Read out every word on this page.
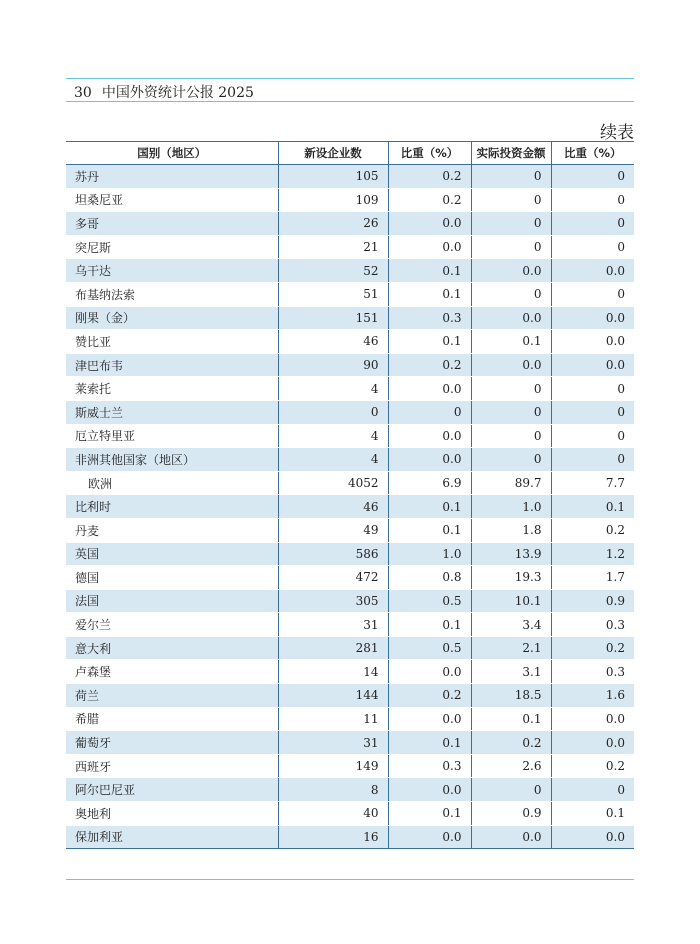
30 中国外资统计公报 2025
续表
国别（地区）	新设企业数	比重（%）	实际投资金额	比重（%）
苏丹	105	0.2	0	0
坦桑尼亚	109	0.2	0	0
多哥	26	0.0	0	0
突尼斯	21	0.0	0	0
乌干达	52	0.1	0.0	0.0
布基纳法索	51	0.1	0	0
刚果（金）	151	0.3	0.0	0.0
赞比亚	46	0.1	0.1	0.0
津巴布韦	90	0.2	0.0	0.0
莱索托	4	0.0	0	0
斯威士兰	0	0	0	0
厄立特里亚	4	0.0	0	0
非洲其他国家（地区）	4	0.0	0	0
欧洲	4052	6.9	89.7	7.7
比利时	46	0.1	1.0	0.1
丹麦	49	0.1	1.8	0.2
英国	586	1.0	13.9	1.2
德国	472	0.8	19.3	1.7
法国	305	0.5	10.1	0.9
爱尔兰	31	0.1	3.4	0.3
意大利	281	0.5	2.1	0.2
卢森堡	14	0.0	3.1	0.3
荷兰	144	0.2	18.5	1.6
希腊	11	0.0	0.1	0.0
葡萄牙	31	0.1	0.2	0.0
西班牙	149	0.3	2.6	0.2
阿尔巴尼亚	8	0.0	0	0
奥地利	40	0.1	0.9	0.1
保加利亚	16	0.0	0.0	0.0
